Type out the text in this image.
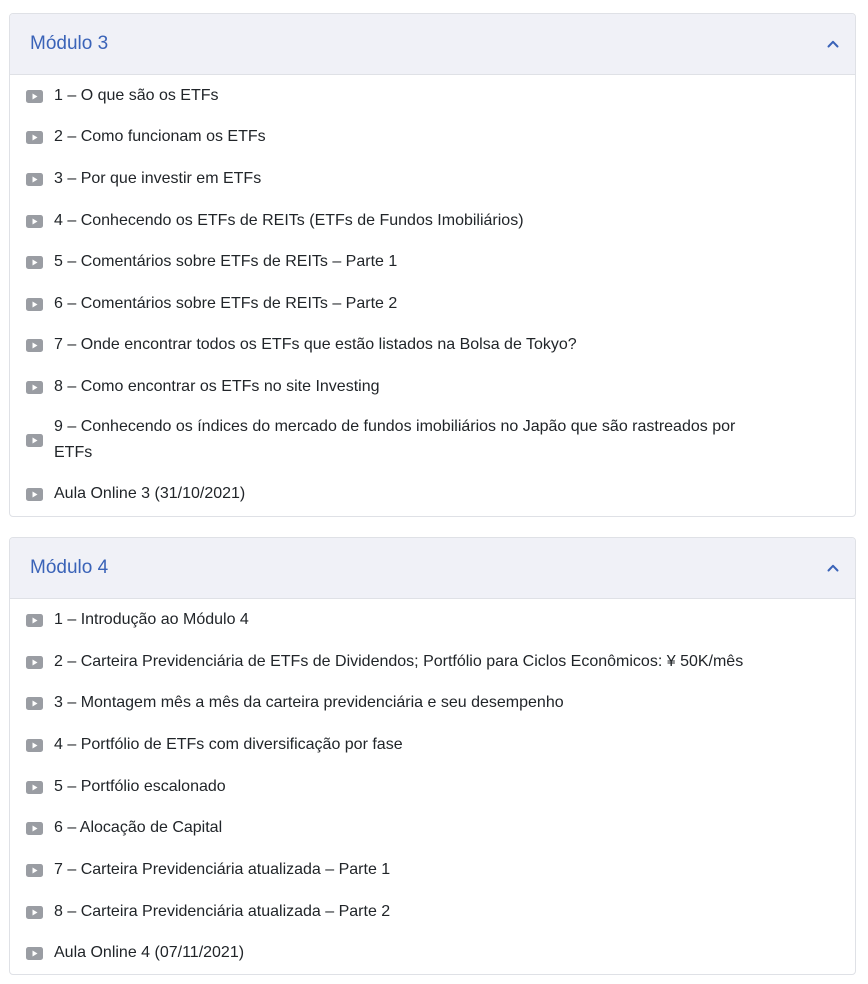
Módulo 3
1 – O que são os ETFs
2 – Como funcionam os ETFs
3 – Por que investir em ETFs
4 – Conhecendo os ETFs de REITs (ETFs de Fundos Imobiliários)
5 – Comentários sobre ETFs de REITs – Parte 1
6 – Comentários sobre ETFs de REITs – Parte 2
7 – Onde encontrar todos os ETFs que estão listados na Bolsa de Tokyo?
8 – Como encontrar os ETFs no site Investing
9 – Conhecendo os índices do mercado de fundos imobiliários no Japão que são rastreados por ETFs
Aula Online 3 (31/10/2021)
Módulo 4
1 – Introdução ao Módulo 4
2 – Carteira Previdenciária de ETFs de Dividendos; Portfólio para Ciclos Econômicos: ¥ 50K/mês
3 – Montagem mês a mês da carteira previdenciária e seu desempenho
4 – Portfólio de ETFs com diversificação por fase
5 – Portfólio escalonado
6 – Alocação de Capital
7 – Carteira Previdenciária atualizada – Parte 1
8 – Carteira Previdenciária atualizada – Parte 2
Aula Online 4 (07/11/2021)
